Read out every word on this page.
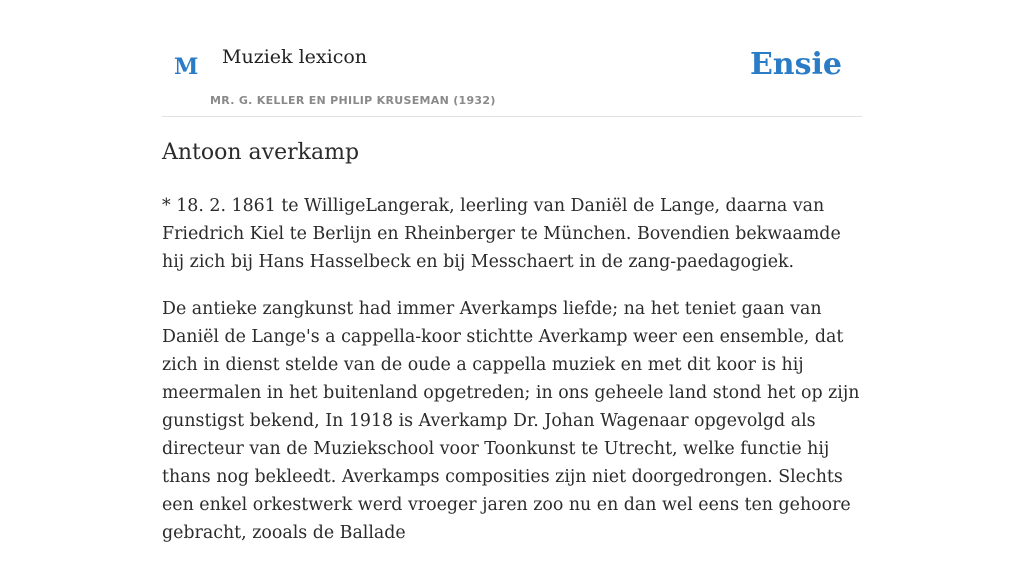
M Muziek lexicon
MR. G. KELLER EN PHILIP KRUSEMAN (1932)
Ensie
Antoon averkamp

* 18. 2. 1861 te WilligeLangerak, leerling van Daniël de Lange, daarna van Friedrich Kiel te Berlijn en Rheinberger te München. Bovendien bekwaamde hij zich bij Hans Hasselbeck en bij Messchaert in de zang-paedagogiek.

De antieke zangkunst had immer Averkamps liefde; na het teniet gaan van Daniël de Lange's a cappella-koor stichtte Averkamp weer een ensemble, dat zich in dienst stelde van de oude a cappella muziek en met dit koor is hij meermalen in het buitenland opgetreden; in ons geheele land stond het op zijn gunstigst bekend, In 1918 is Averkamp Dr. Johan Wagenaar opgevolgd als directeur van de Muziekschool voor Toonkunst te Utrecht, welke functie hij thans nog bekleedt. Averkamps composities zijn niet doorgedrongen. Slechts een enkel orkestwerk werd vroeger jaren zoo nu en dan wel eens ten gehoore gebracht, zooals de Ballade
